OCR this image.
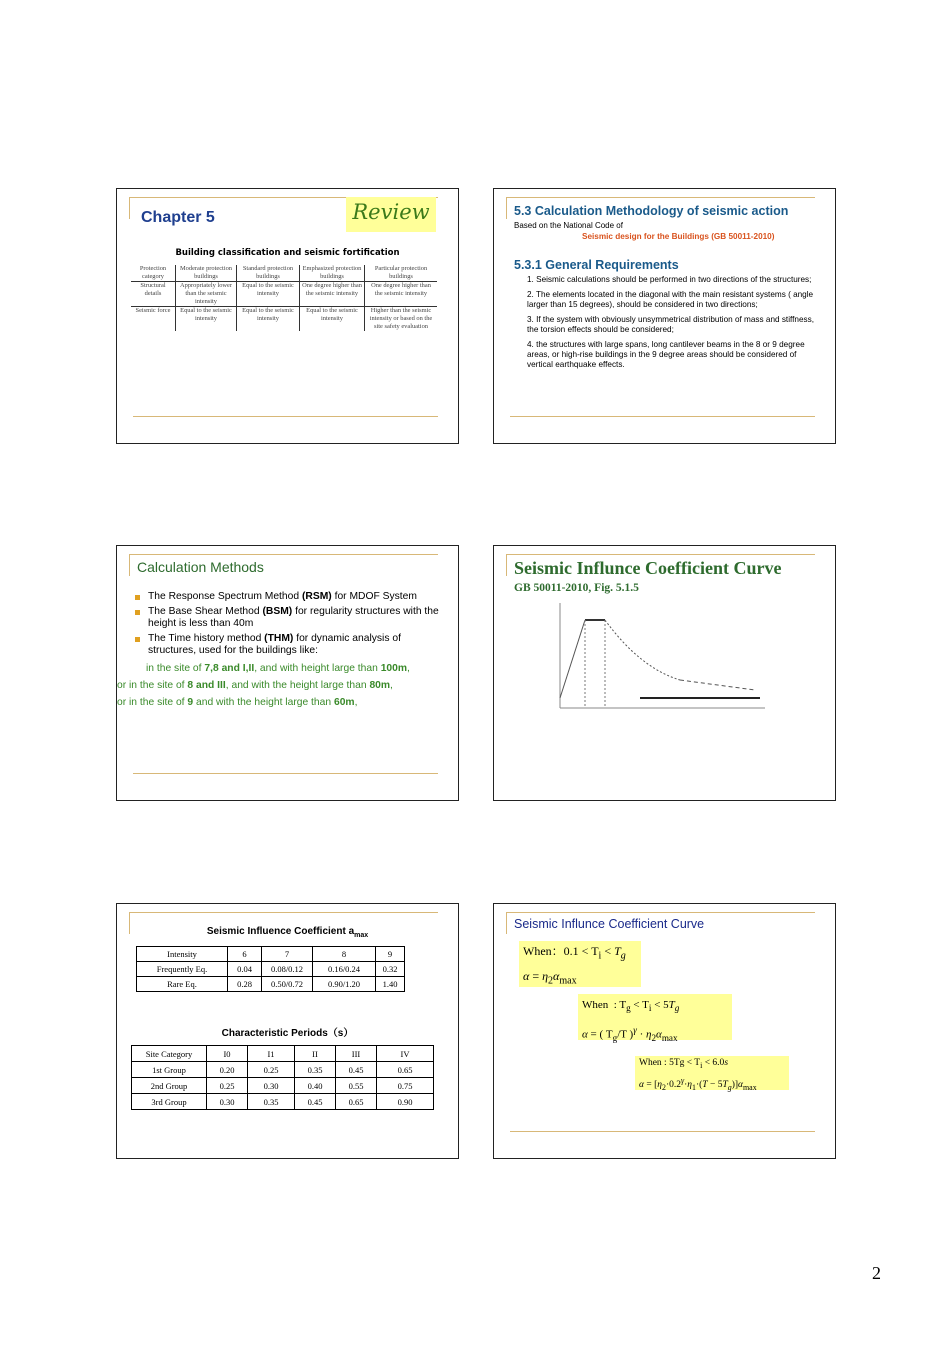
Chapter 5	Review
Building classification and seismic fortification
Protection category	Moderate protection buildings	Standard protection buildings	Emphasized protection buildings	Particular protection buildings
Structural details	Appropriately lower than the seismic intensity	Equal to the seismic intensity	One degree higher than the seismic intensity	One degree higher than the seismic intensity
Seismic force	Equal to the seismic intensity	Equal to the seismic intensity	Equal to the seismic intensity	Higher than the seismic intensity or based on the site safety evaluation
5.3 Calculation Methodology of seismic action
Based on the National Code of
Seismic design for the Buildings (GB 50011-2010)
5.3.1 General Requirements

1. Seismic calculations should be performed in two directions of the structures;

2. The elements located in the diagonal with the main resistant systems ( angle larger than 15 degrees), should be considered in two directions;

3. If the system with obviously unsymmetrical distribution of mass and stiffness, the torsion effects should be considered;

4. the structures with large spans, long cantilever beams in the 8 or 9 degree areas, or high-rise buildings in the 9 degree areas should be considered of vertical earthquake effects.

Calculation Methods
The Response Spectrum Method (RSM) for MDOF System
The Base Shear Method (BSM) for regularity structures with the height is less than 40m
The Time history method (THM) for dynamic analysis of structures, used for the buildings like:
in the site of 7,8 and I,II, and with height large than 100m,
or in the site of 8 and III, and with the height large than 80m,
or in the site of 9 and with the height large than 60m,
Seismic Influnce Coefficient Curve
GB 50011-2010, Fig. 5.1.5
Seismic Influence Coefficient $a_{max}$
Intensity	6	7	8	9
Frequently Eq.	0.04	0.08/0.12	0.16/0.24	0.32
Rare Eq.	0.28	0.50/0.72	0.90/1.20	1.40
Characteristic Periods（s）
Site Category	I0	I1	II	III	IV
1st Group	0.20	0.25	0.35	0.45	0.65
2nd Group	0.25	0.30	0.40	0.55	0.75
3rd Group	0.30	0.35	0.45	0.65	0.90
Seismic Influnce Coefficient Curve
When：$0.1 < T_i < T_g$
$\alpha = \eta_2\alpha_{max}$
When  : $T_g < T_i < 5T_g$
α = ( $T_g/T$ )$^\gamma \cdot \eta_2\alpha_{max}$
When : $5Tg < T_i < 6.0s$
$\alpha = [\eta_2\cdot 0.2^\gamma\cdot\eta_1\cdot(T - 5T_g)]\alpha_{max}$
2
